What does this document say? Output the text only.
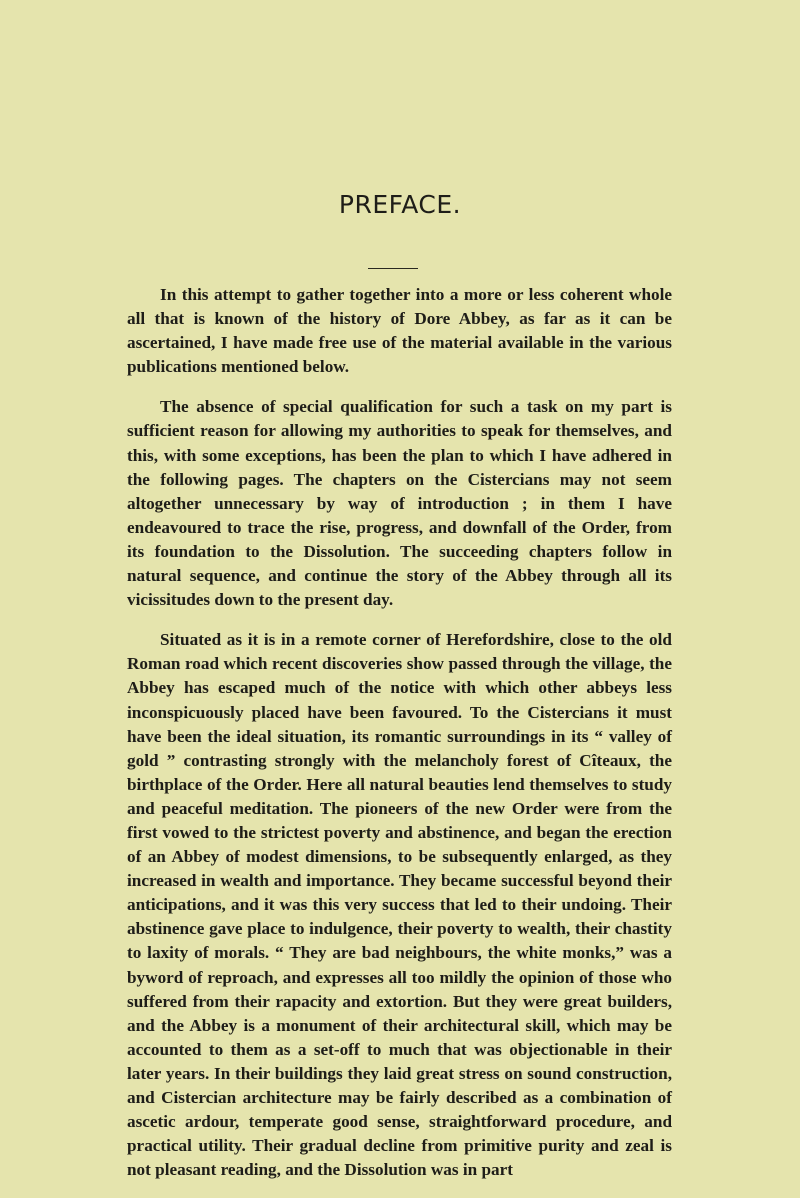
PREFACE.

In this attempt to gather together into a more or less coherent whole all that is known of the history of Dore Abbey, as far as it can be ascertained, I have made free use of the material available in the various publications mentioned below.

The absence of special qualification for such a task on my part is sufficient reason for allowing my authorities to speak for themselves, and this, with some exceptions, has been the plan to which I have adhered in the following pages. The chapters on the Cistercians may not seem altogether unnecessary by way of introduction ; in them I have endeavoured to trace the rise, progress, and downfall of the Order, from its foundation to the Dissolution. The succeeding chapters follow in natural sequence, and continue the story of the Abbey through all its vicissitudes down to the present day.

Situated as it is in a remote corner of Herefordshire, close to the old Roman road which recent discoveries show passed through the village, the Abbey has escaped much of the notice with which other abbeys less inconspicuously placed have been favoured. To the Cistercians it must have been the ideal situation, its romantic surroundings in its “ valley of gold ” contrasting strongly with the melancholy forest of Cîteaux, the birthplace of the Order. Here all natural beauties lend themselves to study and peaceful meditation. The pioneers of the new Order were from the first vowed to the strictest poverty and abstinence, and began the erection of an Abbey of modest dimensions, to be subsequently enlarged, as they increased in wealth and importance. They became successful beyond their anticipations, and it was this very success that led to their undoing. Their abstinence gave place to indulgence, their poverty to wealth, their chastity to laxity of morals. “ They are bad neighbours, the white monks,” was a byword of reproach, and expresses all too mildly the opinion of those who suffered from their rapacity and extortion. But they were great builders, and the Abbey is a monument of their architectural skill, which may be accounted to them as a set-off to much that was objectionable in their later years. In their buildings they laid great stress on sound construction, and Cistercian architecture may be fairly described as a combination of ascetic ardour, temperate good sense, straightforward procedure, and practical utility. Their gradual decline from primitive purity and zeal is not pleasant reading, and the Dissolution was in part
